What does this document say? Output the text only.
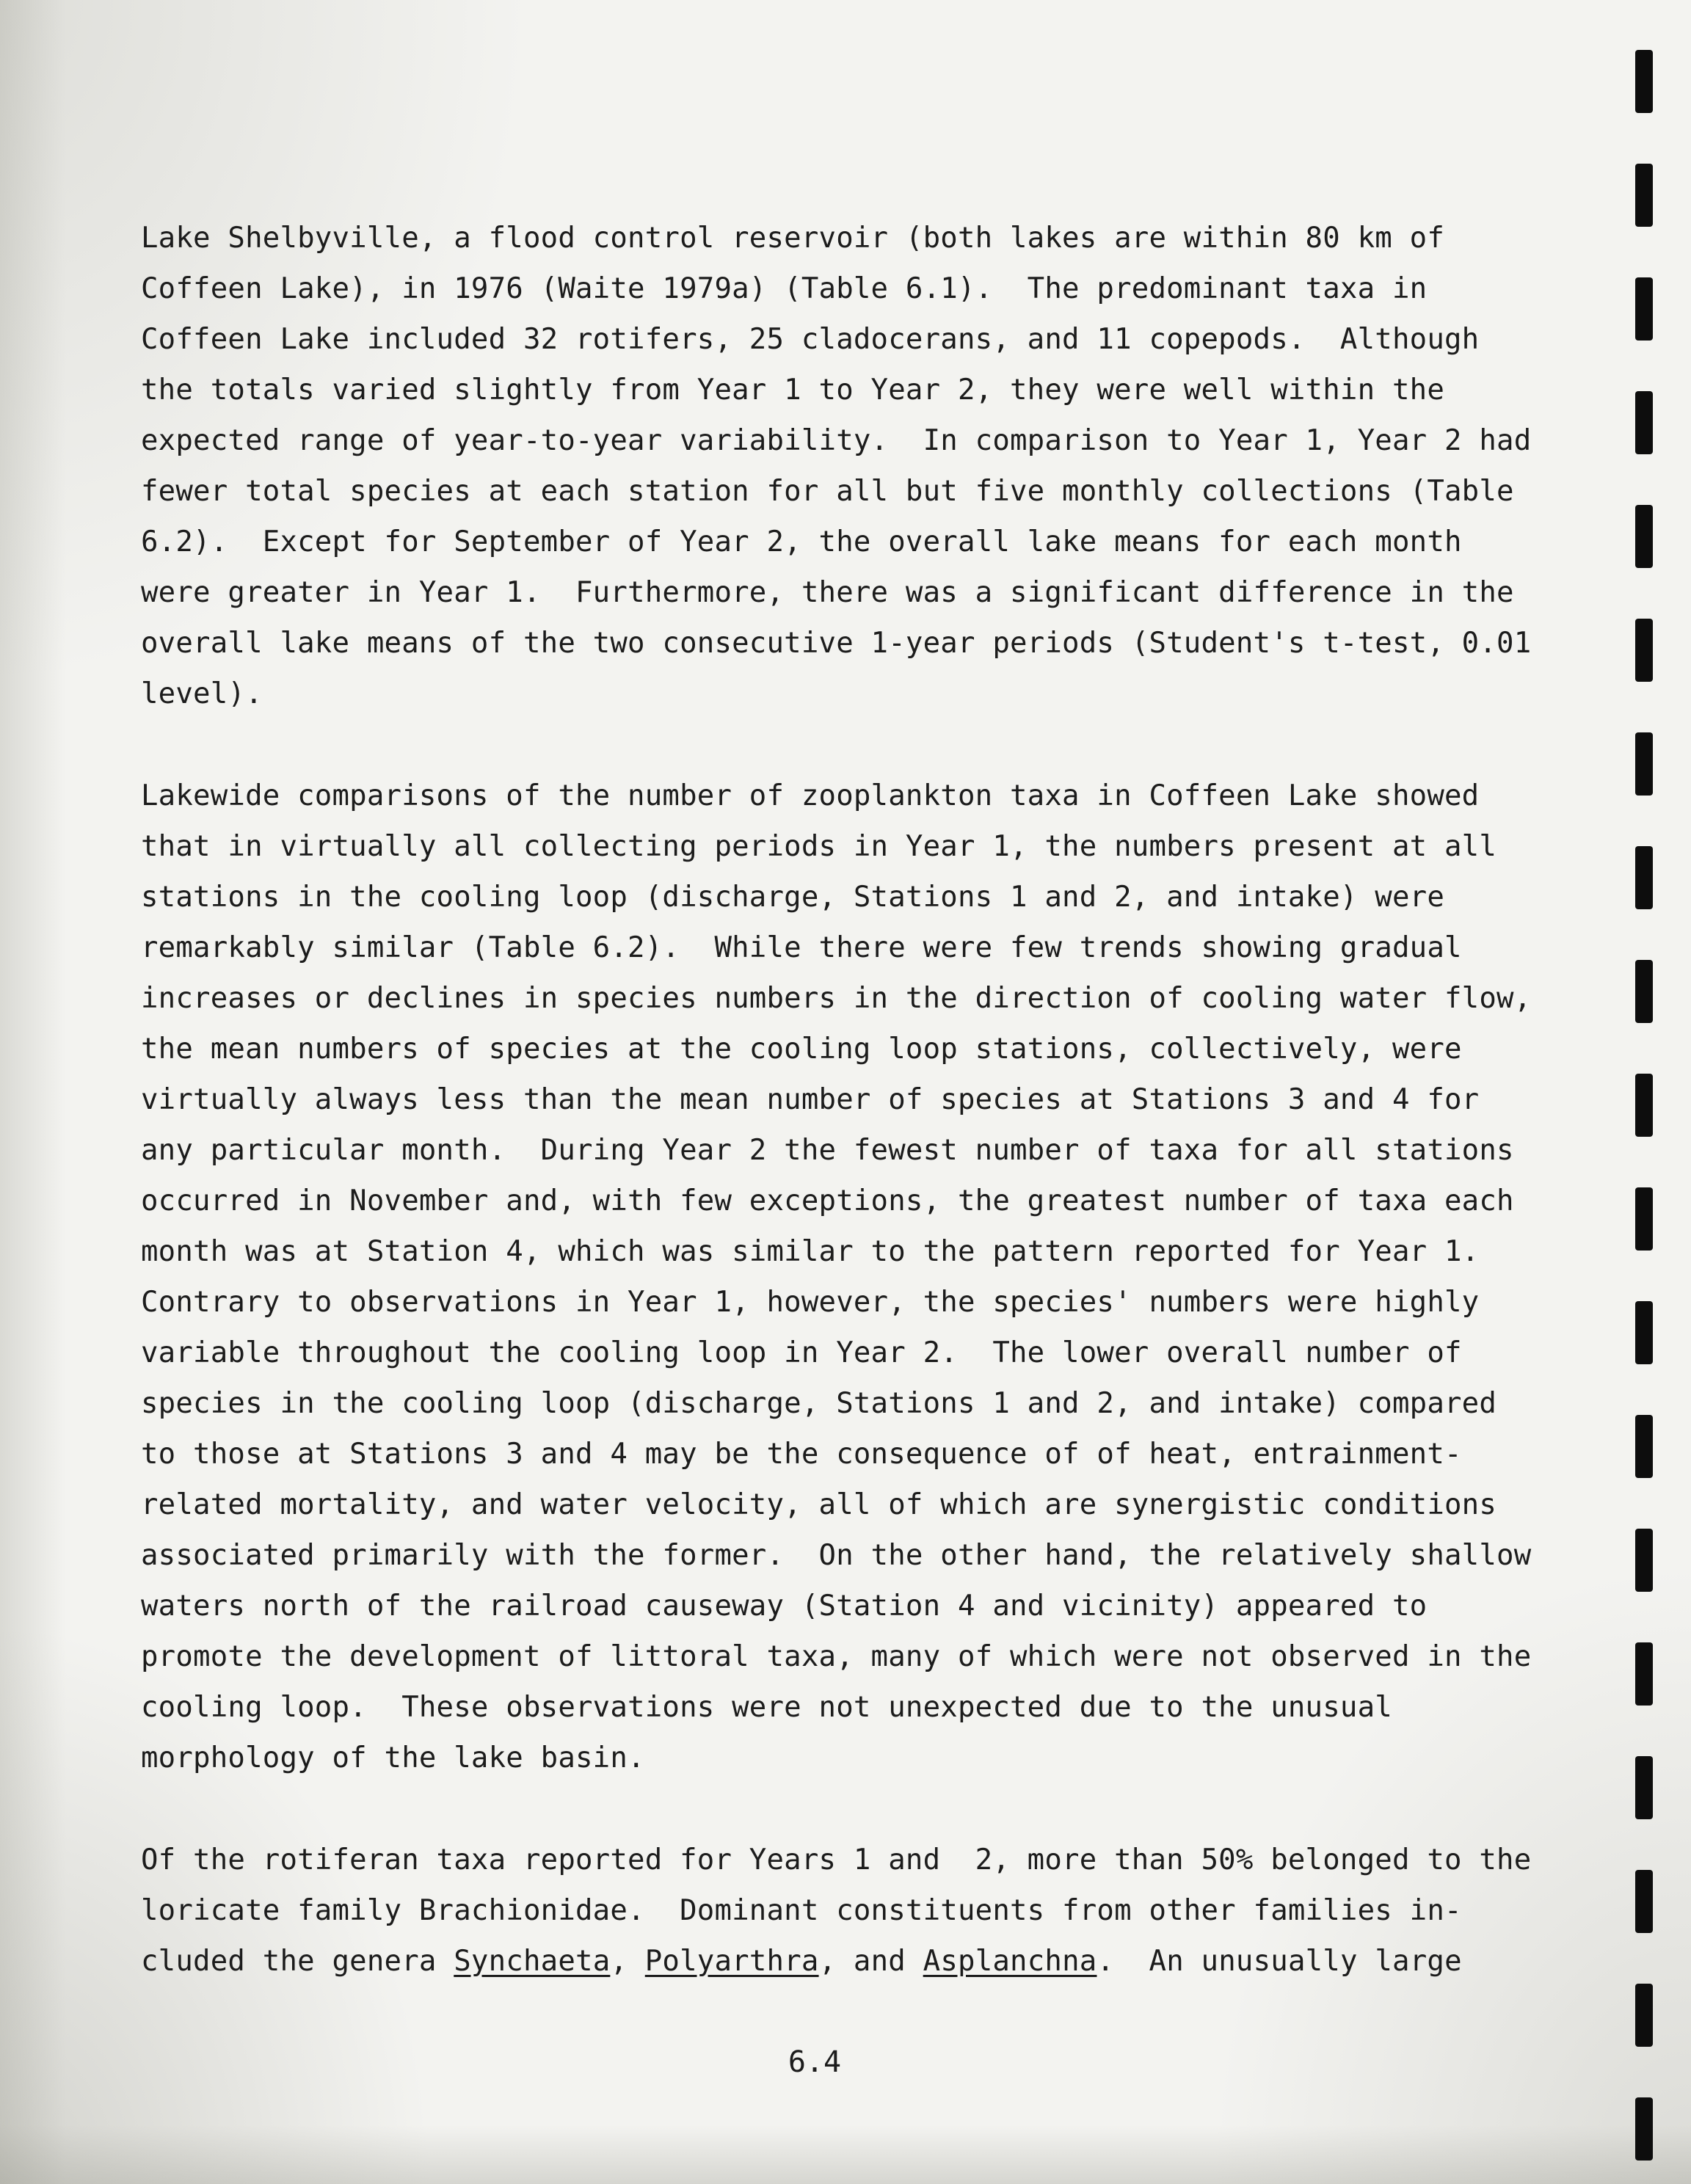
Lake Shelbyville, a flood control reservoir (both lakes are within 80 km of
Coffeen Lake), in 1976 (Waite 1979a) (Table 6.1).  The predominant taxa in
Coffeen Lake included 32 rotifers, 25 cladocerans, and 11 copepods.  Although
the totals varied slightly from Year 1 to Year 2, they were well within the
expected range of year-to-year variability.  In comparison to Year 1, Year 2 had
fewer total species at each station for all but five monthly collections (Table
6.2).  Except for September of Year 2, the overall lake means for each month
were greater in Year 1.  Furthermore, there was a significant difference in the
overall lake means of the two consecutive 1-year periods (Student's t-test, 0.01
level).
Lakewide comparisons of the number of zooplankton taxa in Coffeen Lake showed
that in virtually all collecting periods in Year 1, the numbers present at all
stations in the cooling loop (discharge, Stations 1 and 2, and intake) were
remarkably similar (Table 6.2).  While there were few trends showing gradual
increases or declines in species numbers in the direction of cooling water flow,
the mean numbers of species at the cooling loop stations, collectively, were
virtually always less than the mean number of species at Stations 3 and 4 for
any particular month.  During Year 2 the fewest number of taxa for all stations
occurred in November and, with few exceptions, the greatest number of taxa each
month was at Station 4, which was similar to the pattern reported for Year 1.
Contrary to observations in Year 1, however, the species' numbers were highly
variable throughout the cooling loop in Year 2.  The lower overall number of
species in the cooling loop (discharge, Stations 1 and 2, and intake) compared
to those at Stations 3 and 4 may be the consequence of of heat, entrainment-
related mortality, and water velocity, all of which are synergistic conditions
associated primarily with the former.  On the other hand, the relatively shallow
waters north of the railroad causeway (Station 4 and vicinity) appeared to
promote the development of littoral taxa, many of which were not observed in the
cooling loop.  These observations were not unexpected due to the unusual
morphology of the lake basin.
Of the rotiferan taxa reported for Years 1 and  2, more than 50% belonged to the
loricate family Brachionidae.  Dominant constituents from other families in-
cluded the genera Synchaeta, Polyarthra, and Asplanchna.  An unusually large
6.4
